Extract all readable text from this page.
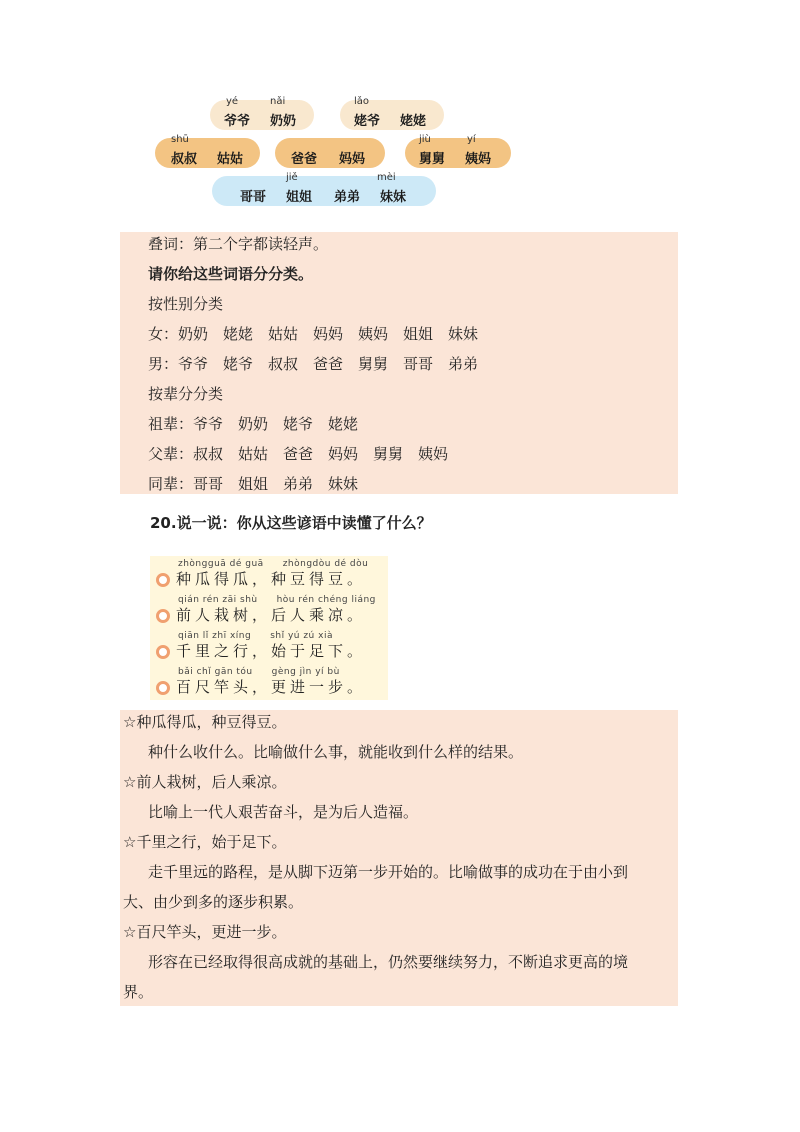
yé	nǎi
爷爷 奶奶
lǎo
姥爷 姥姥
shū
叔叔 姑姑	爸爸 妈妈
jiù	yí
舅舅 姨妈
jiě	mèi
哥哥 姐姐 弟弟 妹妹
叠词：第二个字都读轻声。
请你给这些词语分分类。
按性别分类
女：奶奶　姥姥　姑姑　妈妈　姨妈　姐姐　妹妹
男：爷爷　姥爷　叔叔　爸爸　舅舅　哥哥　弟弟
按辈分分类
祖辈：爷爷　奶奶　姥爷　姥姥
父辈：叔叔　姑姑　爸爸　妈妈　舅舅　姨妈
同辈：哥哥　姐姐　弟弟　妹妹
20.说一说：你从这些谚语中读懂了什么？
zhòngguā dé guā　　zhòngdòu dé dòu
种瓜得瓜，种豆得豆。
qián rén zāi shù　　hòu rén chéng liáng
前人栽树，后人乘凉。
qiān lǐ zhī xíng　　shǐ yú zú xià
千里之行，始于足下。
bǎi chǐ gān tóu　　gèng jìn yí bù
百尺竿头，更进一步。
☆种瓜得瓜，种豆得豆。
种什么收什么。比喻做什么事，就能收到什么样的结果。
☆前人栽树，后人乘凉。
比喻上一代人艰苦奋斗，是为后人造福。
☆千里之行，始于足下。
走千里远的路程，是从脚下迈第一步开始的。比喻做事的成功在于由小到
大、由少到多的逐步积累。
☆百尺竿头，更进一步。
形容在已经取得很高成就的基础上，仍然要继续努力，不断追求更高的境
界。
